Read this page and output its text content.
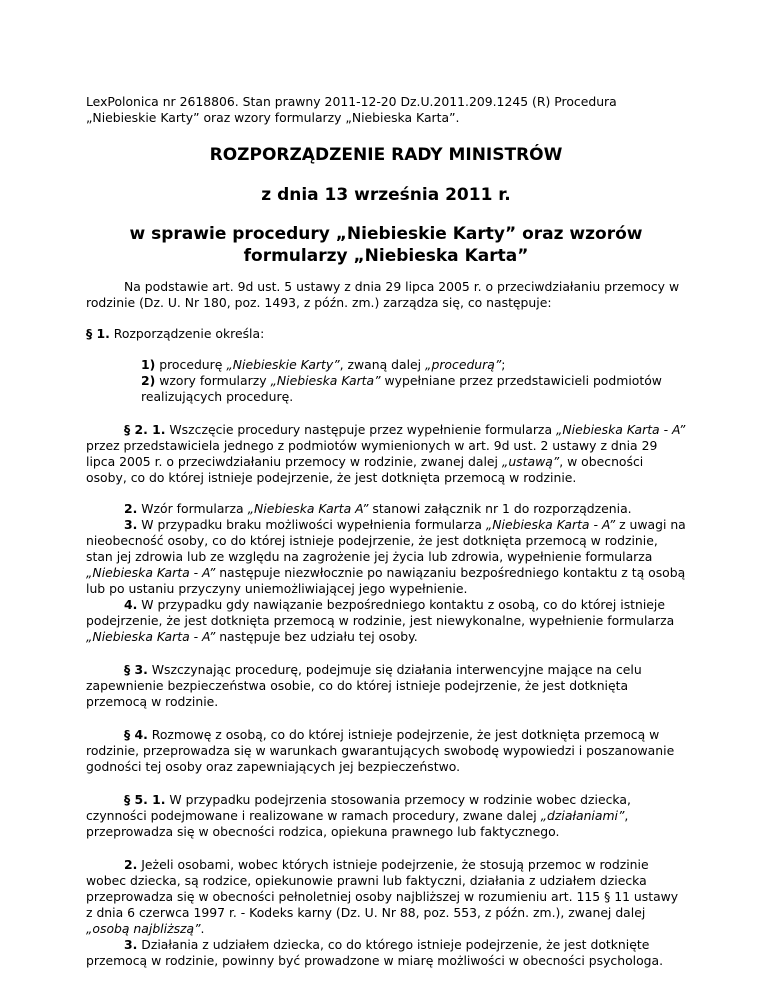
LexPolonica nr 2618806. Stan prawny 2011-12-20 Dz.U.2011.209.1245 (R) Procedura „Niebieskie Karty” oraz wzory formularzy „Niebieska Karta”.

ROZPORZĄDZENIE RADY MINISTRÓW
z dnia 13 września 2011 r.
w sprawie procedury „Niebieskie Karty” oraz wzorów formularzy „Niebieska Karta”

Na podstawie art. 9d ust. 5 ustawy z dnia 29 lipca 2005 r. o przeciwdziałaniu przemocy w rodzinie (Dz. U. Nr 180, poz. 1493, z późn. zm.) zarządza się, co następuje:

§ 1. Rozporządzenie określa:

1) procedurę „Niebieskie Karty”, zwaną dalej „procedurą”;

2) wzory formularzy „Niebieska Karta” wypełniane przez przedstawicieli podmiotów realizujących procedurę.

§ 2. 1. Wszczęcie procedury następuje przez wypełnienie formularza „Niebieska Karta - A” przez przedstawiciela jednego z podmiotów wymienionych w art. 9d ust. 2 ustawy z dnia 29 lipca 2005 r. o przeciwdziałaniu przemocy w rodzinie, zwanej dalej „ustawą”, w obecności osoby, co do której istnieje podejrzenie, że jest dotknięta przemocą w rodzinie.

2. Wzór formularza „Niebieska Karta A” stanowi załącznik nr 1 do rozporządzenia.

3. W przypadku braku możliwości wypełnienia formularza „Niebieska Karta - A” z uwagi na nieobecność osoby, co do której istnieje podejrzenie, że jest dotknięta przemocą w rodzinie, stan jej zdrowia lub ze względu na zagrożenie jej życia lub zdrowia, wypełnienie formularza „Niebieska Karta - A” następuje niezwłocznie po nawiązaniu bezpośredniego kontaktu z tą osobą lub po ustaniu przyczyny uniemożliwiającej jego wypełnienie.

4. W przypadku gdy nawiązanie bezpośredniego kontaktu z osobą, co do której istnieje podejrzenie, że jest dotknięta przemocą w rodzinie, jest niewykonalne, wypełnienie formularza „Niebieska Karta - A” następuje bez udziału tej osoby.

§ 3. Wszczynając procedurę, podejmuje się działania interwencyjne mające na celu zapewnienie bezpieczeństwa osobie, co do której istnieje podejrzenie, że jest dotknięta przemocą w rodzinie.

§ 4. Rozmowę z osobą, co do której istnieje podejrzenie, że jest dotknięta przemocą w rodzinie, przeprowadza się w warunkach gwarantujących swobodę wypowiedzi i poszanowanie godności tej osoby oraz zapewniających jej bezpieczeństwo.

§ 5. 1. W przypadku podejrzenia stosowania przemocy w rodzinie wobec dziecka, czynności podejmowane i realizowane w ramach procedury, zwane dalej „działaniami”, przeprowadza się w obecności rodzica, opiekuna prawnego lub faktycznego.

2. Jeżeli osobami, wobec których istnieje podejrzenie, że stosują przemoc w rodzinie wobec dziecka, są rodzice, opiekunowie prawni lub faktyczni, działania z udziałem dziecka przeprowadza się w obecności pełnoletniej osoby najbliższej w rozumieniu art. 115 § 11 ustawy z dnia 6 czerwca 1997 r. - Kodeks karny (Dz. U. Nr 88, poz. 553, z późn. zm.), zwanej dalej „osobą najbliższą”.

3. Działania z udziałem dziecka, co do którego istnieje podejrzenie, że jest dotknięte przemocą w rodzinie, powinny być prowadzone w miarę możliwości w obecności psychologa.
